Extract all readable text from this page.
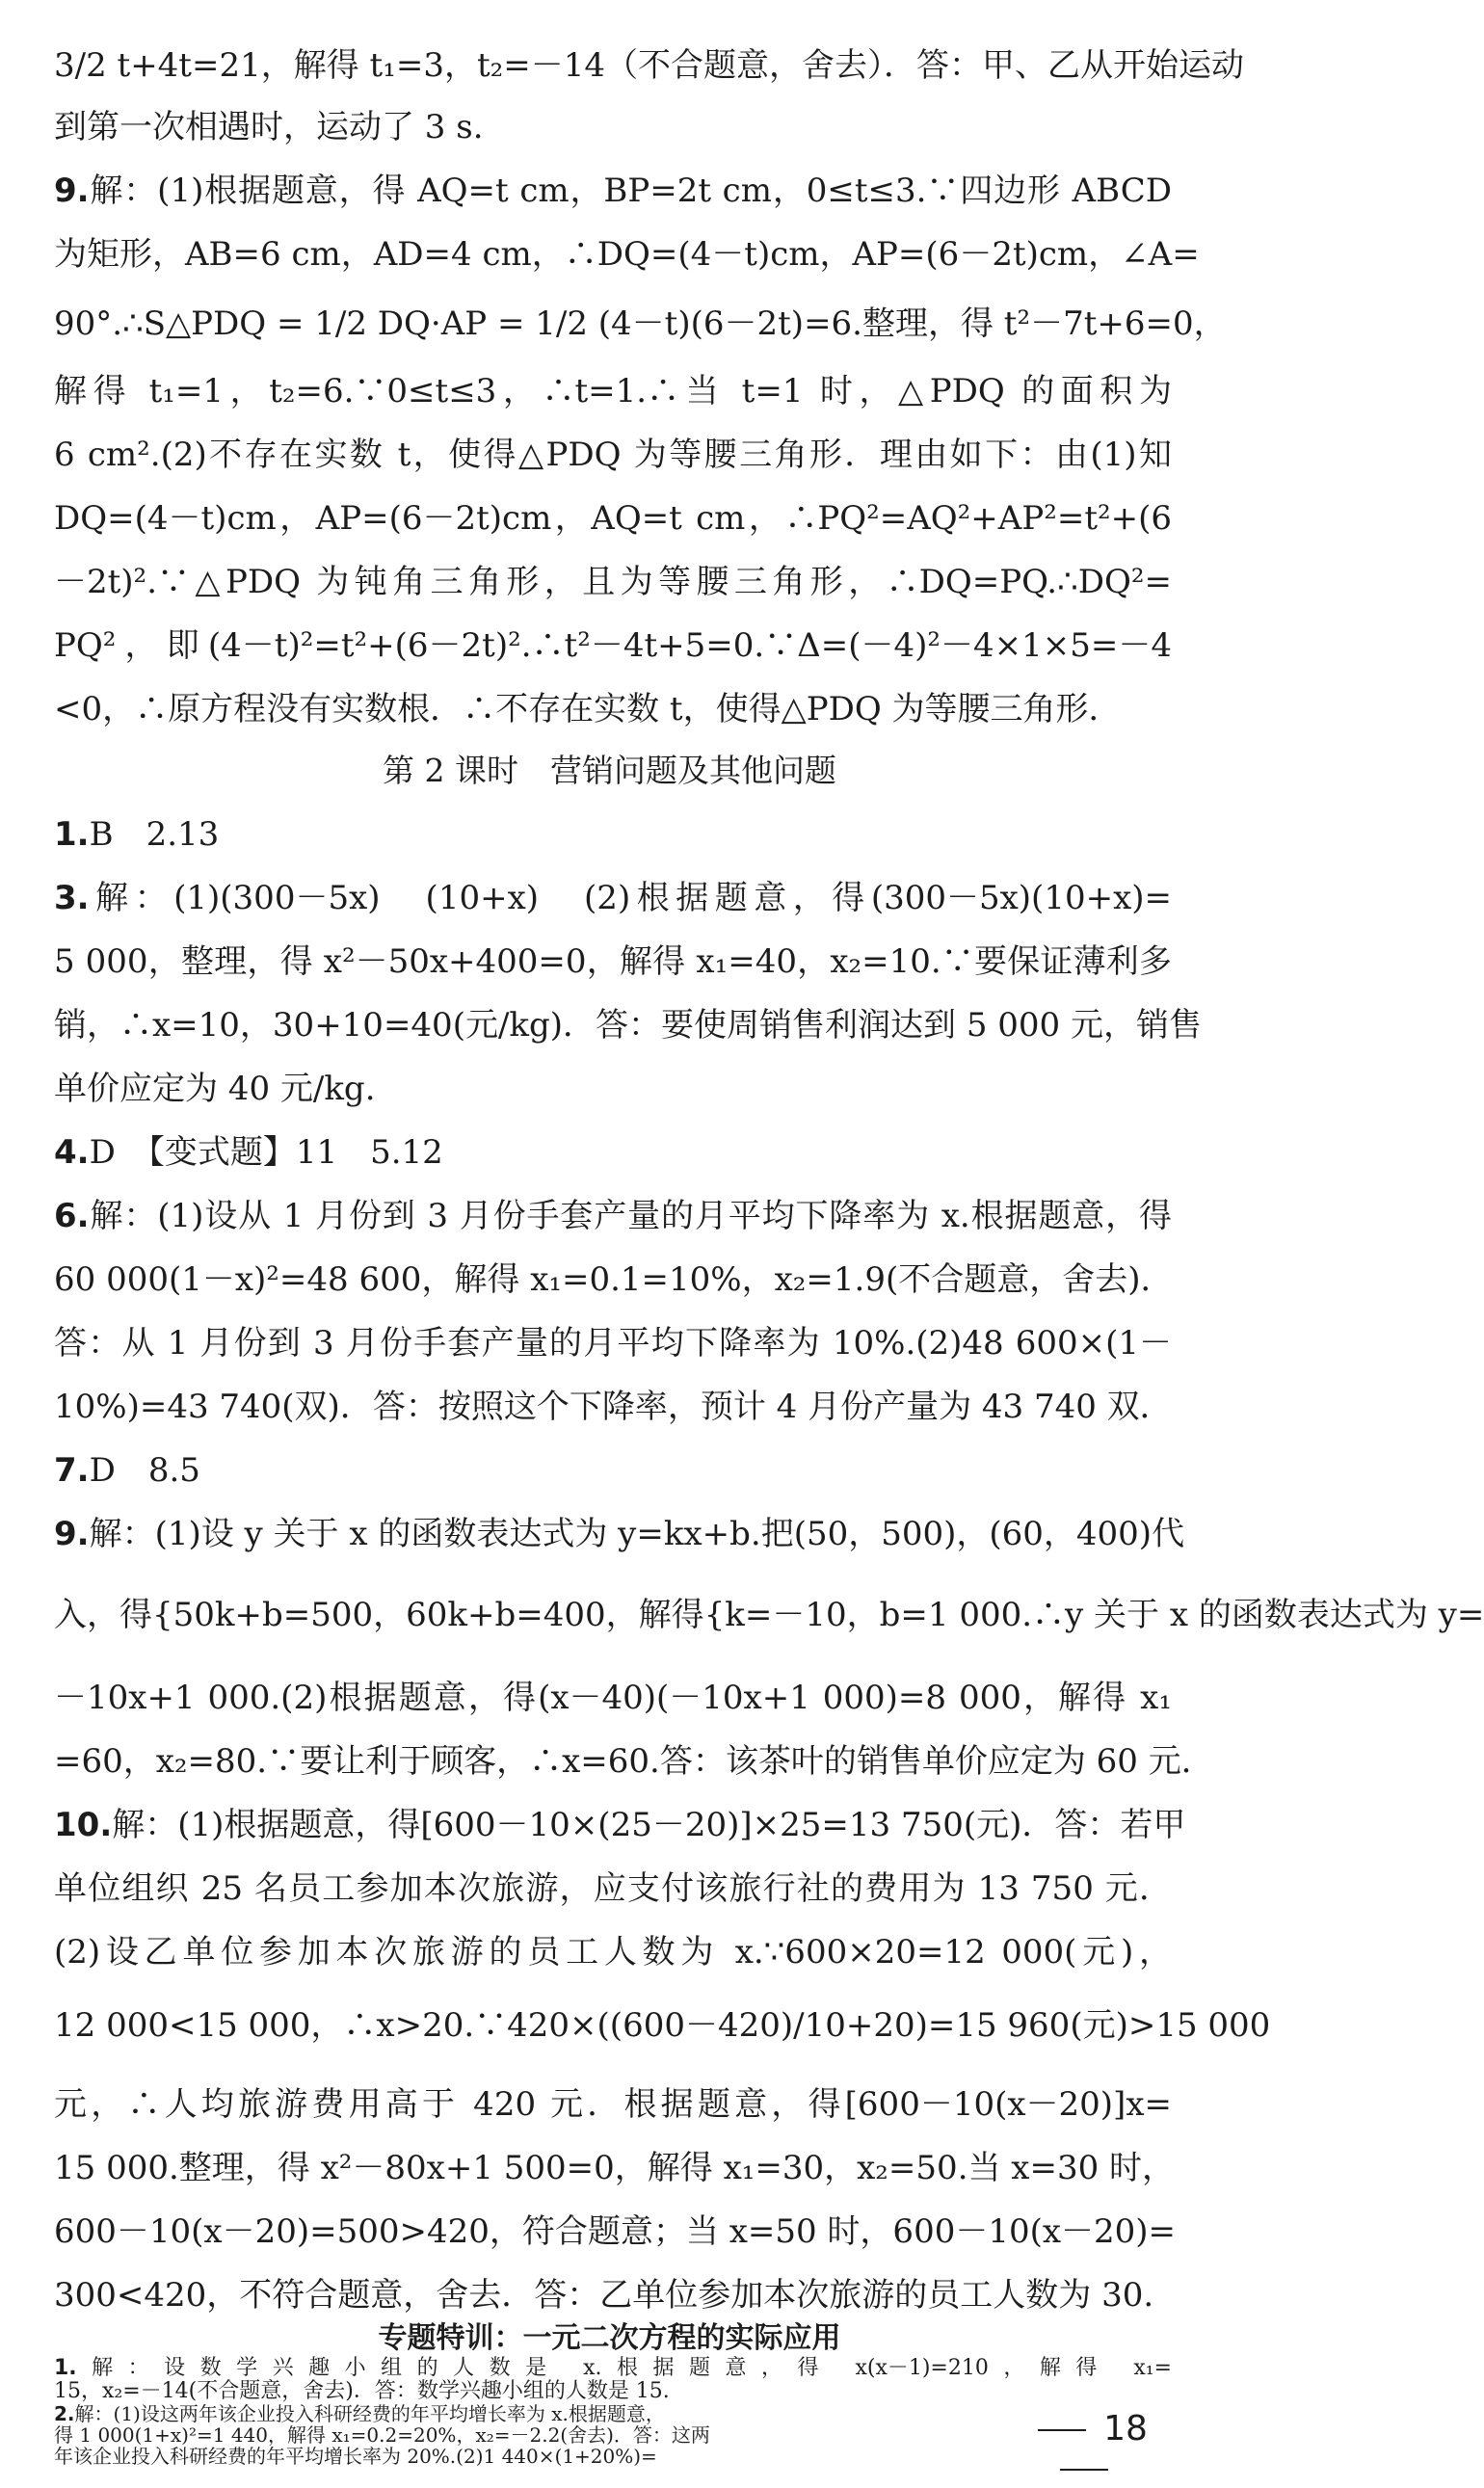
3/2 t+4t=21，解得 t₁=3，t₂=－14（不合题意，舍去）．答：甲、乙从开始运动
到第一次相遇时，运动了 3 s.
9.解：(1)根据题意，得 AQ=t cm，BP=2t cm，0≤t≤3.∵四边形 ABCD
为矩形，AB=6 cm，AD=4 cm，∴DQ=(4－t)cm，AP=(6－2t)cm，∠A=
90°.∴S△PDQ = 1/2 DQ·AP = 1/2 (4－t)(6－2t)=6.整理，得 t²－7t+6=0，
解得 t₁=1，t₂=6.∵0≤t≤3，∴t=1.∴当 t=1 时，△PDQ 的面积为
6 cm².(2)不存在实数 t，使得△PDQ 为等腰三角形．理由如下：由(1)知
DQ=(4－t)cm，AP=(6－2t)cm，AQ=t cm，∴PQ²=AQ²+AP²=t²+(6
－2t)².∵△PDQ 为钝角三角形，且为等腰三角形，∴DQ=PQ.∴DQ²=
PQ²，即(4－t)²=t²+(6－2t)².∴t²－4t+5=0.∵Δ=(－4)²－4×1×5=－4
<0，∴原方程没有实数根．∴不存在实数 t，使得△PDQ 为等腰三角形．
第 2 课时　营销问题及其他问题
1.B　2.13
3.解：(1)(300－5x)　(10+x)　(2)根据题意，得(300－5x)(10+x)=
5 000，整理，得 x²－50x+400=0，解得 x₁=40，x₂=10.∵要保证薄利多
销，∴x=10，30+10=40(元/kg)．答：要使周销售利润达到 5 000 元，销售
单价应定为 40 元/kg.
4.D　【变式题】11　5.12
6.解：(1)设从 1 月份到 3 月份手套产量的月平均下降率为 x.根据题意，得
60 000(1－x)²=48 600，解得 x₁=0.1=10%，x₂=1.9(不合题意，舍去)．
答：从 1 月份到 3 月份手套产量的月平均下降率为 10%.(2)48 600×(1－
10%)=43 740(双)．答：按照这个下降率，预计 4 月份产量为 43 740 双．
7.D　8.5
9.解：(1)设 y 关于 x 的函数表达式为 y=kx+b.把(50，500)，(60，400)代
入，得{50k+b=500，60k+b=400，解得{k=－10，b=1 000.∴y 关于 x 的函数表达式为 y=
－10x+1 000.(2)根据题意，得(x－40)(－10x+1 000)=8 000，解得 x₁
=60，x₂=80.∵要让利于顾客，∴x=60.答：该茶叶的销售单价应定为 60 元．
10.解：(1)根据题意，得[600－10×(25－20)]×25=13 750(元)．答：若甲
单位组织 25 名员工参加本次旅游，应支付该旅行社的费用为 13 750 元．
(2)设乙单位参加本次旅游的员工人数为 x.∵600×20=12 000(元)，
12 000<15 000，∴x>20.∵420×((600－420)/10+20)=15 960(元)>15 000
元，∴人均旅游费用高于 420 元．根据题意，得[600－10(x－20)]x=
15 000.整理，得 x²－80x+1 500=0，解得 x₁=30，x₂=50.当 x=30 时，
600－10(x－20)=500>420，符合题意；当 x=50 时，600－10(x－20)=
300<420，不符合题意，舍去．答：乙单位参加本次旅游的员工人数为 30.
专题特训：一元二次方程的实际应用
1.解：设数学兴趣小组的人数是 x.根据题意，得 x(x－1)=210，解得 x₁=
15，x₂=－14(不合题意，舍去)．答：数学兴趣小组的人数是 15.
2.解：(1)设这两年该企业投入科研经费的年平均增长率为 x.根据题意，
得 1 000(1+x)²=1 440，解得 x₁=0.2=20%，x₂=－2.2(舍去)．答：这两
年该企业投入科研经费的年平均增长率为 20%.(2)1 440×(1+20%)=
18
